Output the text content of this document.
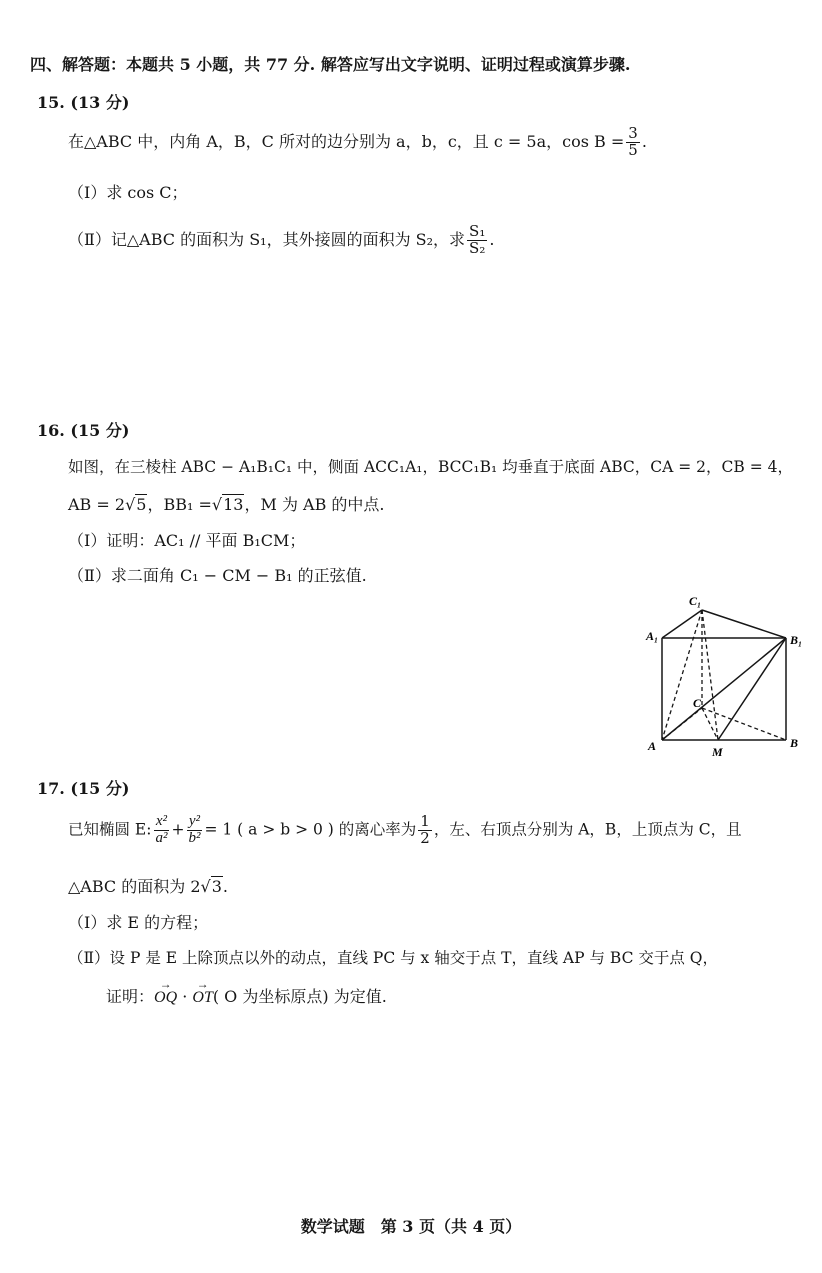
四、解答题：本题共 5 小题，共 77 分. 解答应写出文字说明、证明过程或演算步骤.
15. (13 分)
在△ABC 中，内角 A，B，C 所对的边分别为 a，b，c，且 c = 5a，$\cos B = \frac{3}{5}$ .
（Ⅰ）求 cos C；
（Ⅱ）记△ABC 的面积为 S₁，其外接圆的面积为 S₂，求 $\frac{\text{S₁}}{\text{S₂}}$ .
16. (15 分)
如图，在三棱柱 ABC − A₁B₁C₁ 中，侧面 ACC₁A₁，BCC₁B₁ 均垂直于底面 ABC，CA = 2，CB = 4，
AB = 2√5，BB₁ =√13，M 为 AB 的中点.
（Ⅰ）证明：AC₁ // 平面 B₁CM；
（Ⅱ）求二面角 C₁ − CM − B₁ 的正弦值.
C₁
A₁	B₁
C
A	M
B
17. (15 分)
已知椭圆 E: $\frac{\text{x²}}{\text{a²}} + \frac{\text{y²}}{\text{b²}} = 1$ ( a > b > 0 ) 的离心率为 $\frac{1}{2}$ ，左、右顶点分别为 A，B，上顶点为 C，且
△ABC 的面积为 2√3.
（Ⅰ）求 E 的方程；
（Ⅱ）设 P 是 E 上除顶点以外的动点，直线 PC 与 x 轴交于点 T，直线 AP 与 BC 交于点 Q，
证明：→ OQ · → OT( O 为坐标原点) 为定值.
数学试题　第 3 页（共 4 页）
